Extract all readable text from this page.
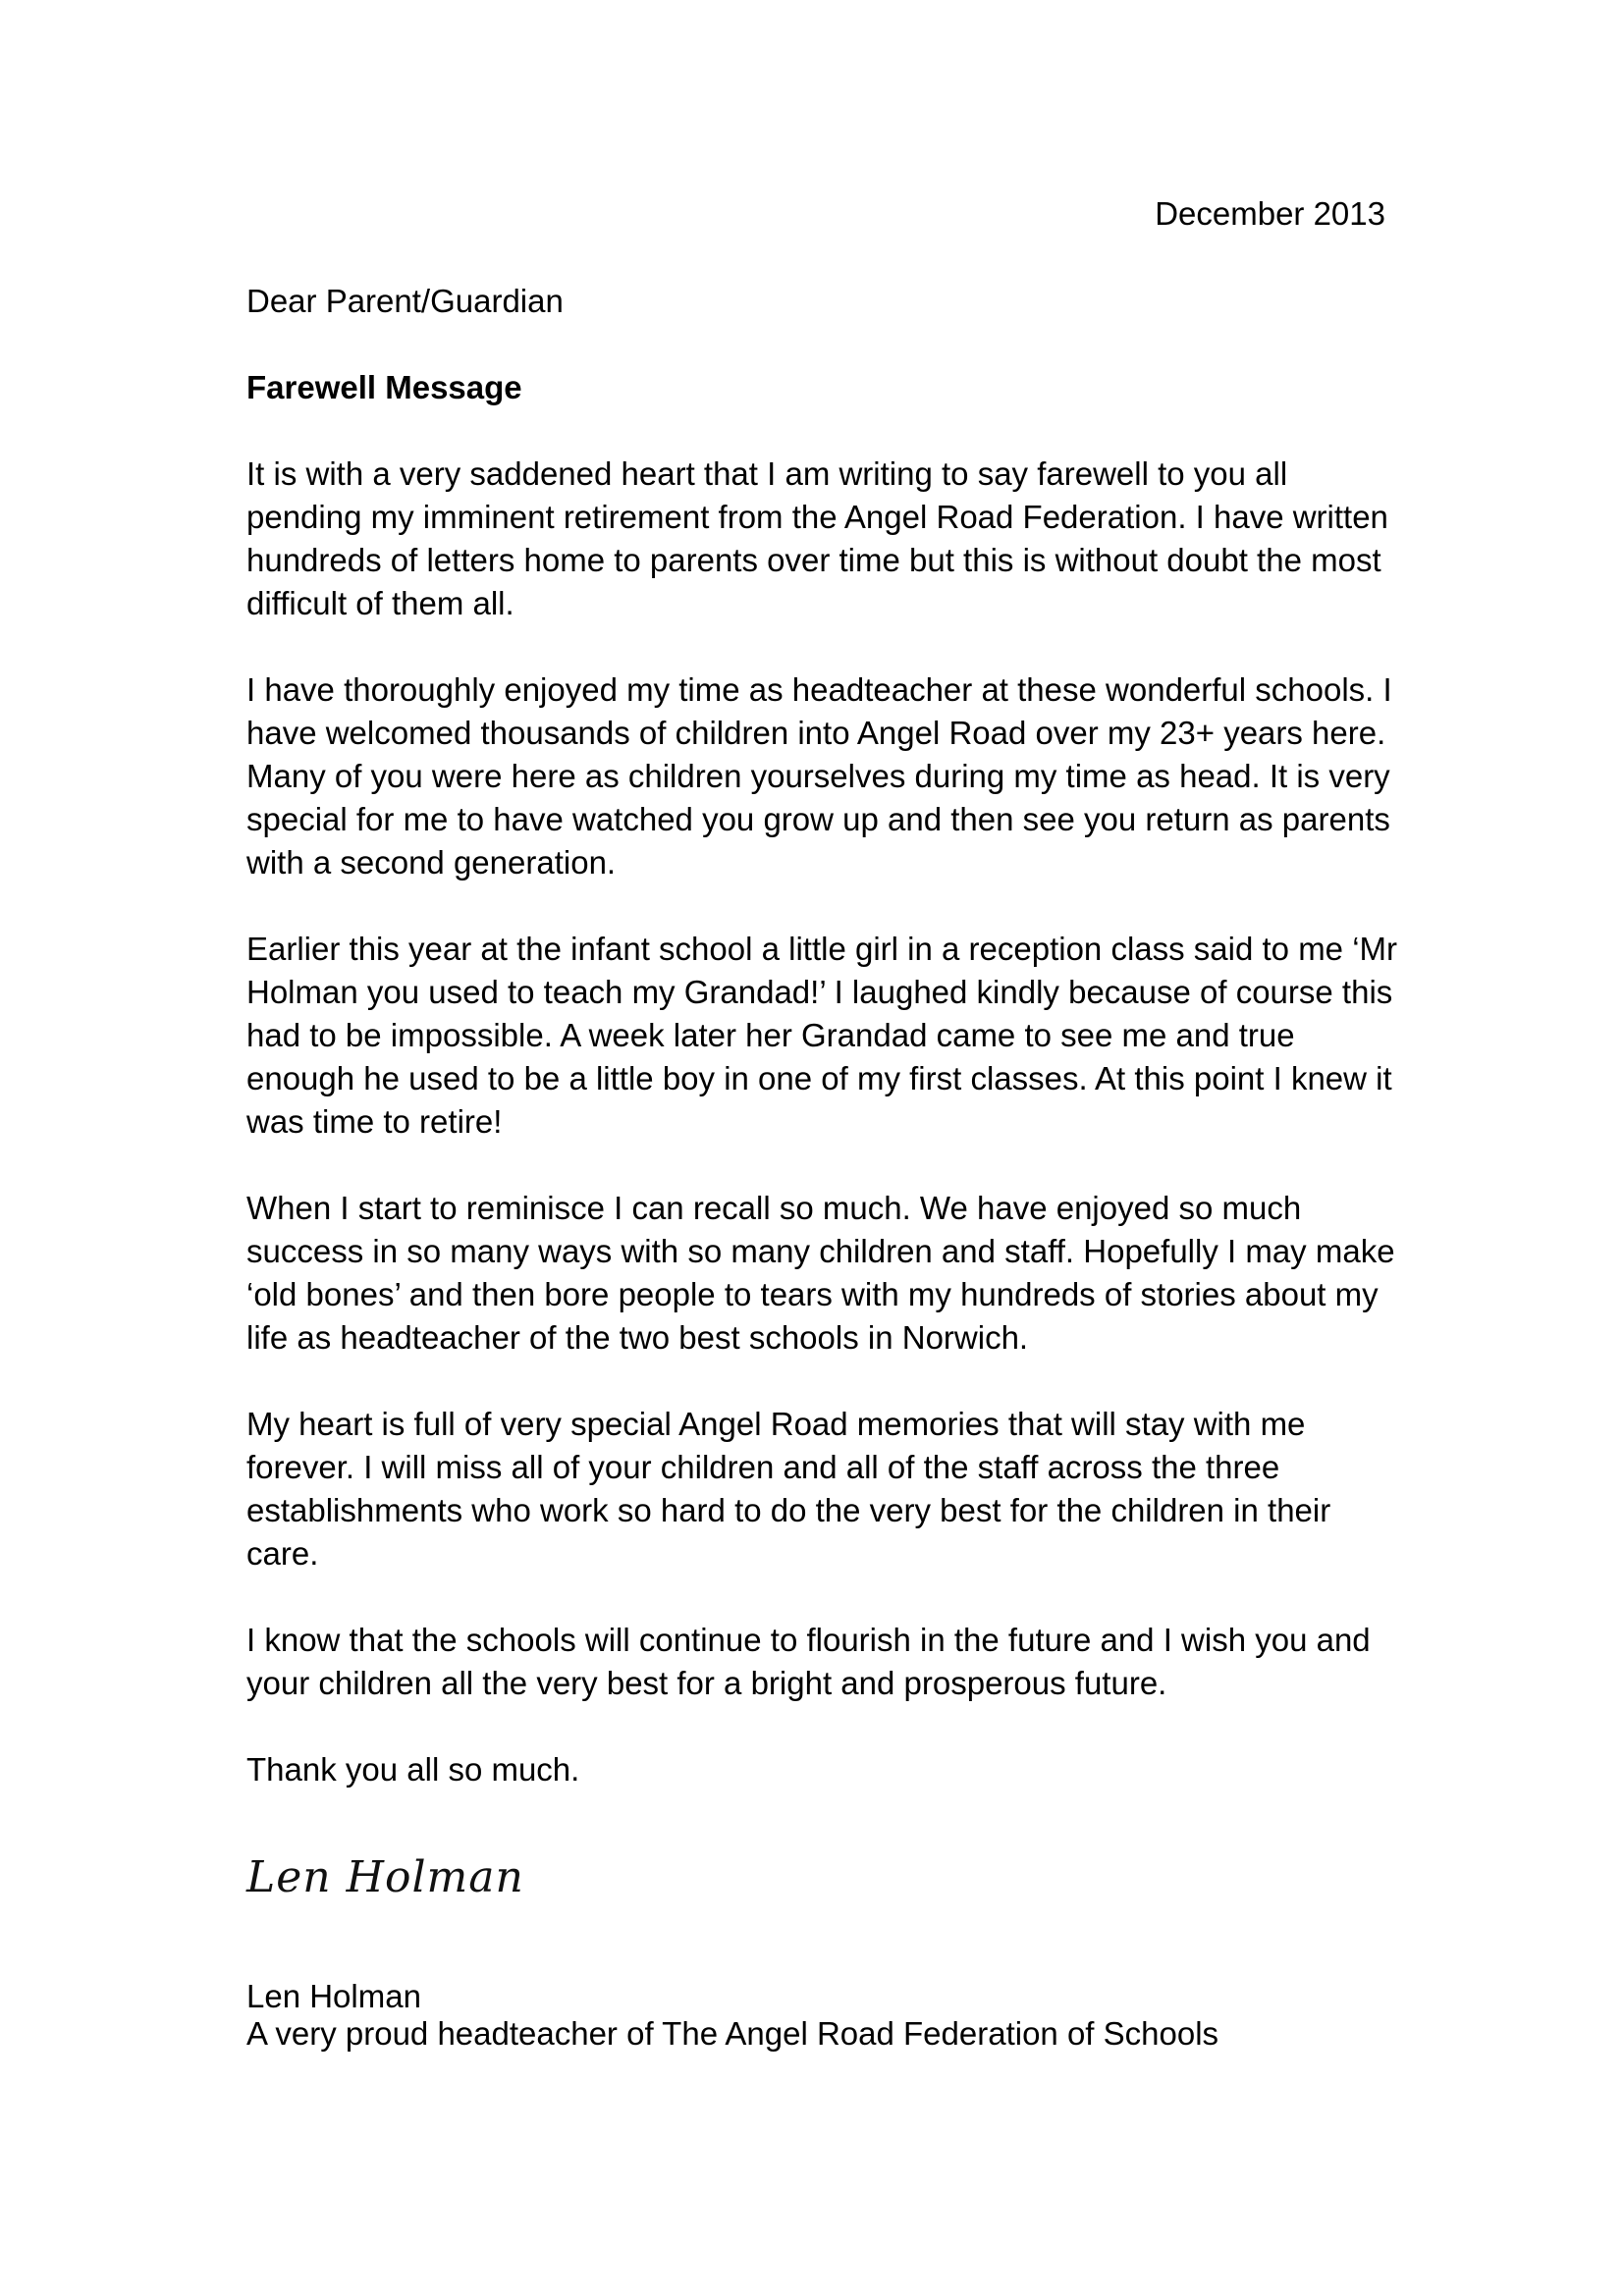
December 2013

Dear Parent/Guardian

Farewell Message

It is with a very saddened heart that I am writing to say farewell to you all pending my imminent retirement from the Angel Road Federation. I have written hundreds of letters home to parents over time but this is without doubt the most difficult of them all.

I have thoroughly enjoyed my time as headteacher at these wonderful schools. I have welcomed thousands of children into Angel Road over my 23+ years here. Many of you were here as children yourselves during my time as head. It is very special for me to have watched you grow up and then see you return as parents with a second generation.

Earlier this year at the infant school a little girl in a reception class said to me ‘Mr Holman you used to teach my Grandad!’ I laughed kindly because of course this had to be impossible. A week later her Grandad came to see me and true enough he used to be a little boy in one of my first classes. At this point I knew it was time to retire!

When I start to reminisce I can recall so much. We have enjoyed so much success in so many ways with so many children and staff. Hopefully I may make ‘old bones’ and then bore people to tears with my hundreds of stories about my life as headteacher of the two best schools in Norwich.

My heart is full of very special Angel Road memories that will stay with me forever. I will miss all of your children and all of the staff across the three establishments who work so hard to do the very best for the children in their care.

I know that the schools will continue to flourish in the future and I wish you and your children all the very best for a bright and prosperous future.

Thank you all so much.

Len Holman

Len Holman
A very proud headteacher of The Angel Road Federation of Schools
